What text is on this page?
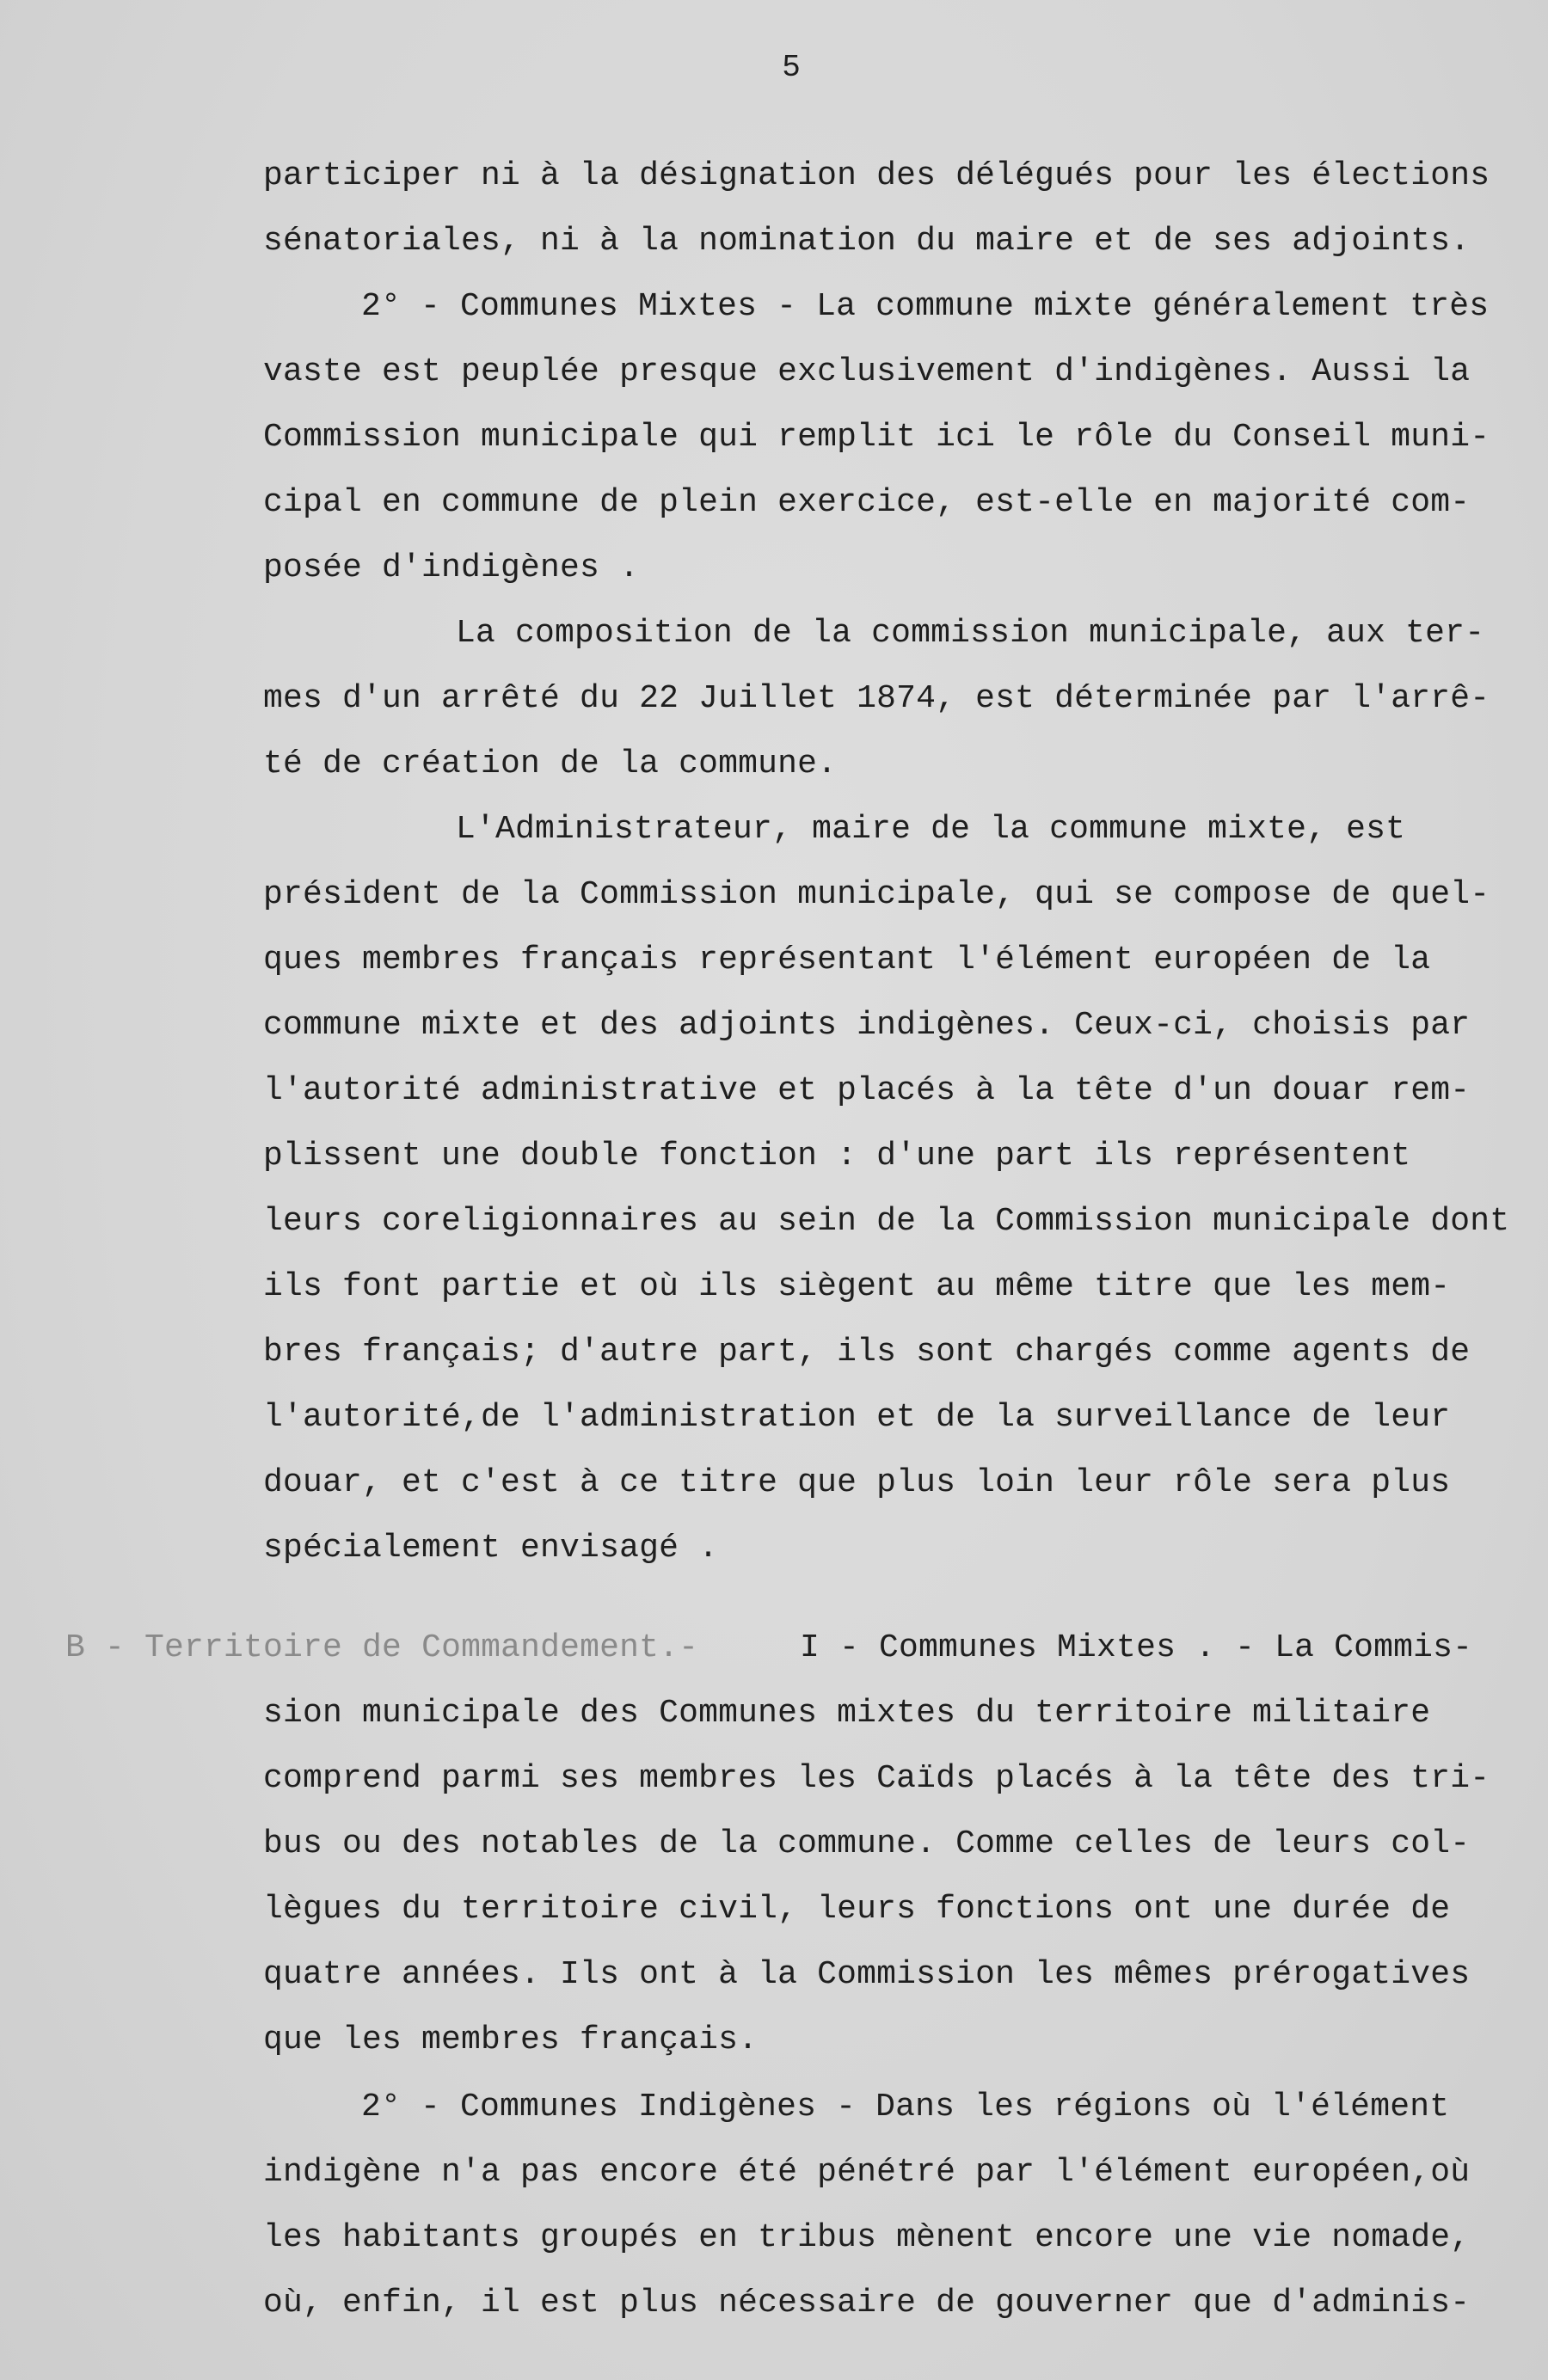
5
participer ni à la désignation des délégués pour les élections
sénatoriales, ni à la nomination du maire et de ses adjoints.
2° - Communes Mixtes - La commune mixte généralement très
vaste est peuplée presque exclusivement d'indigènes. Aussi la
Commission municipale qui remplit ici le rôle du Conseil muni-
cipal en commune de plein exercice, est-elle en majorité com-
posée d'indigènes .
La composition de la commission municipale, aux ter-
mes d'un arrêté du 22 Juillet 1874, est déterminée par l'arrê-
té de création de la commune.
L'Administrateur, maire de la commune mixte, est
président de la Commission municipale, qui se compose de quel-
ques membres français représentant l'élément européen de la
commune mixte et des adjoints indigènes. Ceux-ci, choisis par
l'autorité administrative et placés à la tête d'un douar rem-
plissent une double fonction : d'une part ils représentent
leurs coreligionnaires au sein de la Commission municipale dont
ils font partie et où ils siègent au même titre que les mem-
bres français; d'autre part, ils sont chargés comme agents de
l'autorité,de l'administration et de la surveillance de leur
douar, et c'est à ce titre que plus loin leur rôle sera plus
spécialement envisagé .
B - Territoire de Commandement.-	I - Communes Mixtes . - La Commis-
sion municipale des Communes mixtes du territoire militaire
comprend parmi ses membres les Caïds placés à la tête des tri-
bus ou des notables de la commune. Comme celles de leurs col-
lègues du territoire civil, leurs fonctions ont une durée de
quatre années. Ils ont à la Commission les mêmes prérogatives
que les membres français.
2° - Communes Indigènes - Dans les régions où l'élément
indigène n'a pas encore été pénétré par l'élément européen,où
les habitants groupés en tribus mènent encore une vie nomade,
où, enfin, il est plus nécessaire de gouverner que d'adminis-
